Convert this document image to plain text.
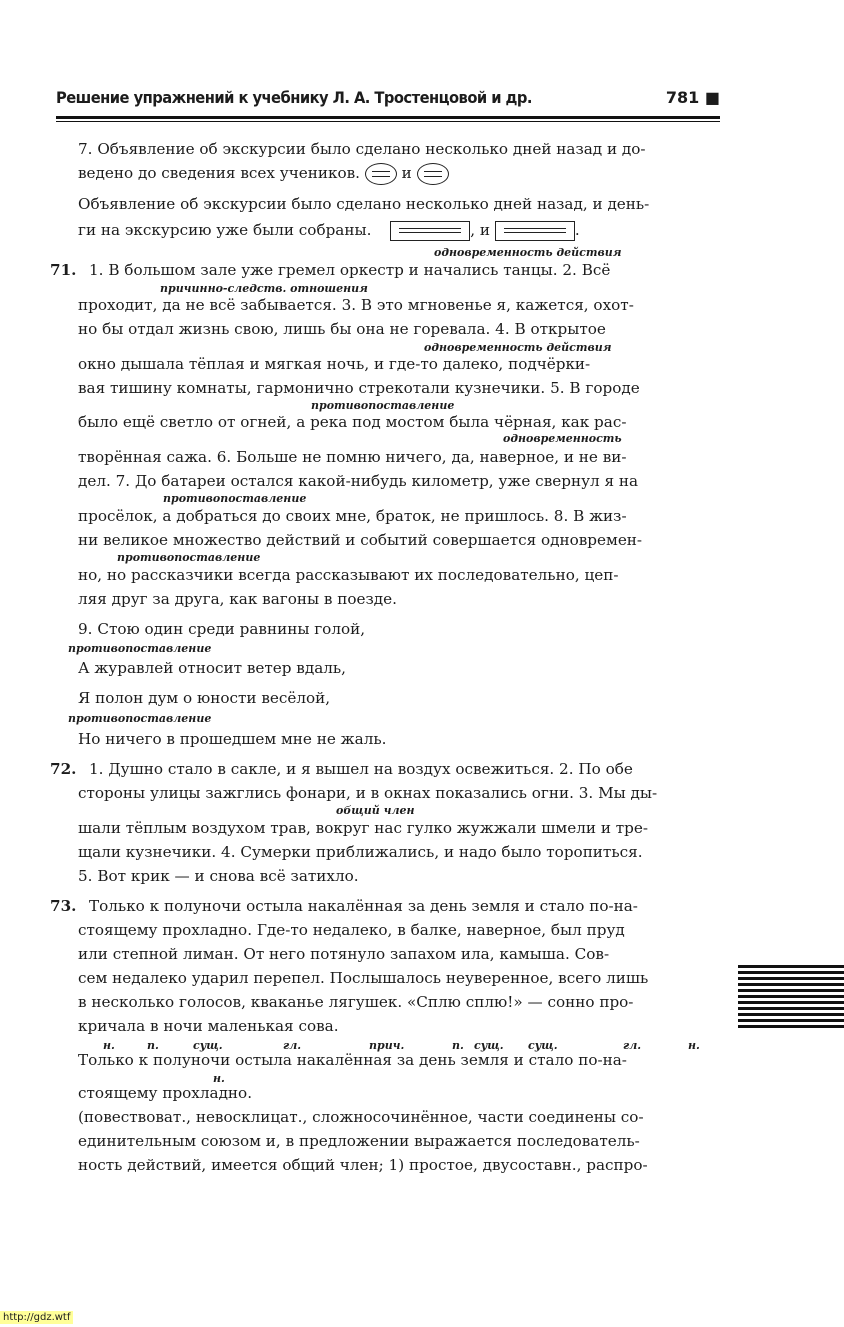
Решение упражнений к учебнику Л. А. Тростенцовой и др.	781 ■
7. Объявление об экскурсии было сделано несколько дней назад и до-
ведено до сведения всех учеников.	и
Объявление об экскурсии было сделано несколько дней назад, и день-
ги на экскурсию уже были собраны.	, и	.
одновременность действия
71. 1. В большом зале уже гремел оркестр и начались танцы. 2. Всё
причинно-следств. отношения
проходит, да не всё забывается. 3. В это мгновенье я, кажется, охот-
но бы отдал жизнь свою, лишь бы она не горевала. 4. В открытое
одновременность действия
окно дышала тёплая и мягкая ночь, и где-то далеко, подчёрки-
вая тишину комнаты, гармонично стрекотали кузнечики. 5. В городе
противопоставление
было ещё светло от огней, а река под мостом была чёрная, как рас-
одновременность
творённая сажа. 6. Больше не помню ничего, да, наверное, и не ви-
дел. 7. До батареи остался какой-нибудь километр, уже свернул я на
противопоставление
просёлок, а добраться до своих мне, браток, не пришлось. 8. В жиз-
ни великое множество действий и событий совершается одновремен-
противопоставление
но, но рассказчики всегда рассказывают их последовательно, цеп-
ляя друг за друга, как вагоны в поезде.
9. Стою один среди равнины голой,
противопоставление
А журавлей относит ветер вдаль,
Я полон дум о юности весёлой,
противопоставление
Но ничего в прошедшем мне не жаль.
72. 1. Душно стало в сакле, и я вышел на воздух освежиться. 2. По обе
стороны улицы зажглись фонари, и в окнах показались огни. 3. Мы ды-
общий член
шали тёплым воздухом трав, вокруг нас гулко жужжали шмели и тре-
щали кузнечики. 4. Сумерки приближались, и надо было торопиться.
5. Вот крик — и снова всё затихло.
73. Только к полуночи остыла накалённая за день земля и стало по-на-
стоящему прохладно. Где-то недалеко, в балке, наверное, был пруд
или степной лиман. От него потянуло запахом ила, камыша. Сов-
сем недалеко ударил перепел. Послышалось неуверенное, всего лишь
в несколько голосов, кваканье лягушек. «Сплю сплю!» — сонно про-
кричала в ночи маленькая сова.
н.	п.	сущ.	гл.	прич.	п. сущ. сущ.	гл.	н.
Только к полуночи остыла накалённая за день земля и стало по-на-
н.
стоящему прохладно.
(повествоват., невосклицат., сложносочинённое, части соединены со-
единительным союзом и, в предложении выражается последователь-
ность действий, имеется общий член; 1) простое, двусоставн., распро-
http://gdz.wtf
